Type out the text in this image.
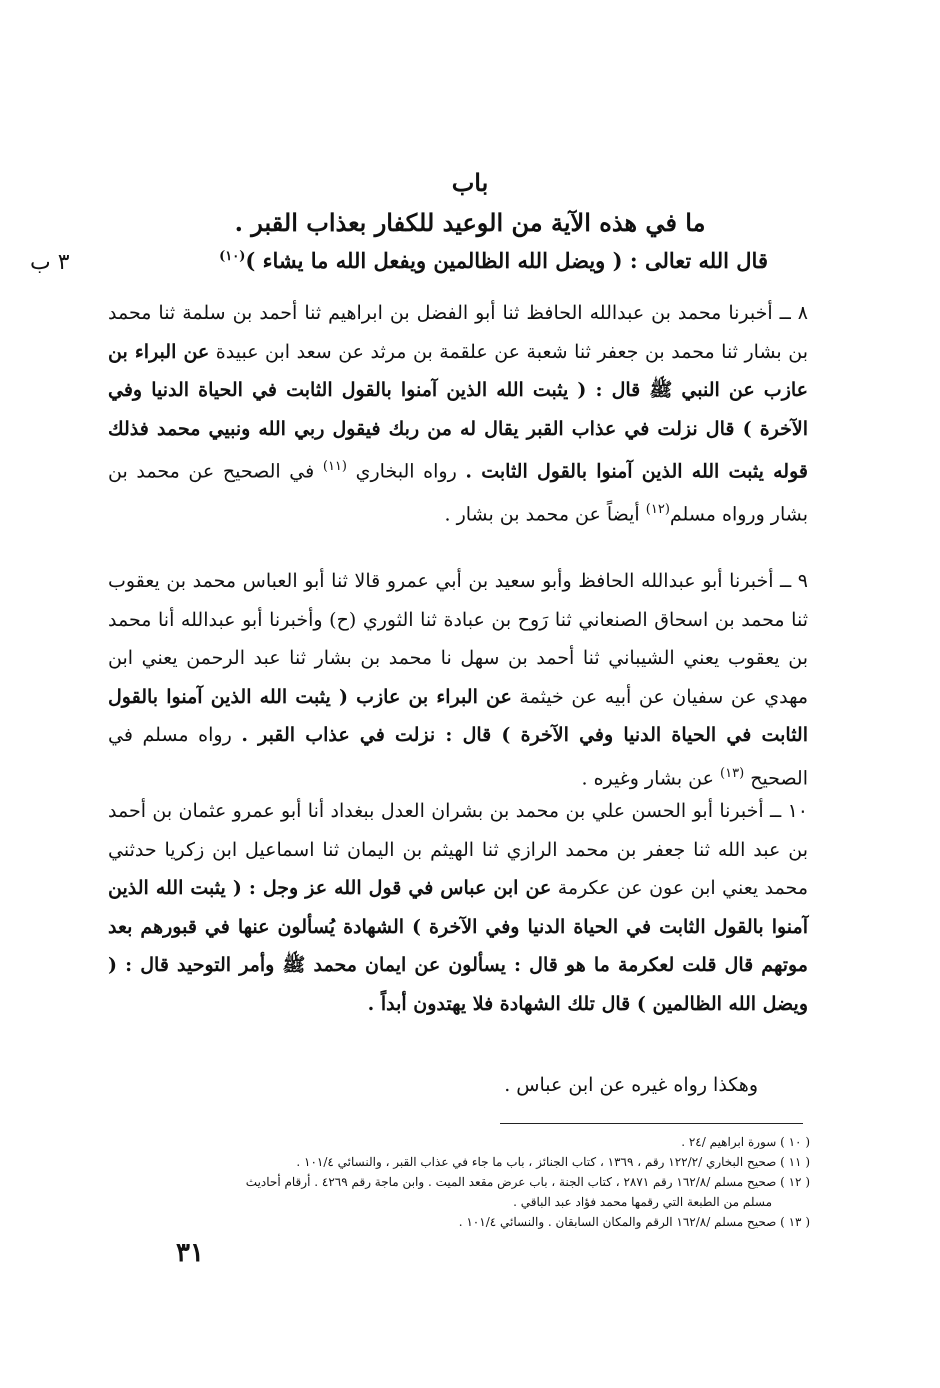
٣ ب
باب
ما في هذه الآية من الوعيد للكفار بعذاب القبر .
قال الله تعالى : ( ويضل الله الظالمين ويفعل الله ما يشاء )$^{(١٠)}$
٨ ــ أخبرنا محمد بن عبدالله الحافظ ثنا أبو الفضل بن ابراهيم ثنا أحمد بن سلمة ثنا محمد بن بشار ثنا محمد بن جعفر ثنا شعبة عن علقمة بن مرثد عن سعد ابن عبيدة عن البراء بن عازب عن النبي ﷺ قال : ( يثبت الله الذين آمنوا بالقول الثابت في الحياة الدنيا وفي الآخرة ) قال نزلت في عذاب القبر يقال له من ربك فيقول ربي الله ونبيي محمد فذلك قوله يثبت الله الذين آمنوا بالقول الثابت . رواه البخاري $^{(١١)}$ في الصحيح عن محمد بن بشار ورواه مسلم$^{(١٢)}$ أيضاً عن محمد بن بشار .
٩ ــ أخبرنا أبو عبدالله الحافظ وأبو سعيد بن أبي عمرو قالا ثنا أبو العباس محمد بن يعقوب ثنا محمد بن اسحاق الصنعاني ثنا رَوح بن عبادة ثنا الثوري (ح) وأخبرنا أبو عبدالله أنا محمد بن يعقوب يعني الشيباني ثنا أحمد بن سهل نا محمد بن بشار ثنا عبد الرحمن يعني ابن مهدي عن سفيان عن أبيه عن خيثمة عن البراء بن عازب ( يثبت الله الذين آمنوا بالقول الثابت في الحياة الدنيا وفي الآخرة ) قال : نزلت في عذاب القبر . رواه مسلم في الصحيح $^{(١٣)}$ عن بشار وغيره .
١٠ ــ أخبرنا أبو الحسن علي بن محمد بن بشران العدل ببغداد أنا أبو عمرو عثمان بن أحمد بن عبد الله ثنا جعفر بن محمد الرازي ثنا الهيثم بن اليمان ثنا اسماعيل ابن زكريا حدثني محمد يعني ابن عون عن عكرمة عن ابن عباس في قول الله عز وجل : ( يثبت الله الذين آمنوا بالقول الثابت في الحياة الدنيا وفي الآخرة ) الشهادة يُسألون عنها في قبورهم بعد موتهم قال قلت لعكرمة ما هو قال : يسألون عن ايمان محمد ﷺ وأمر التوحيد قال : ( ويضل الله الظالمين ) قال تلك الشهادة فلا يهتدون أبداً .
وهكذا رواه غيره عن ابن عباس .
( ١٠ ) سورة ابراهيم /٢٤ .
( ١١ ) صحيح البخاري /١٢٢/٢ رقم ، ١٣٦٩ ، كتاب الجنائز ، باب ما جاء في عذاب القبر ، والنسائي ١٠١/٤ .
( ١٢ ) صحيح مسلم /١٦٢/٨ رقم ٢٨٧١ ، كتاب الجنة ، باب عرض مقعد الميت . وابن ماجة رقم ٤٢٦٩ . أرقام أحاديث
مسلم من الطبعة التي رقمها محمد فؤاد عبد الباقي .
( ١٣ ) صحيح مسلم /١٦٢/٨ الرقم والمكان السابقان . والنسائي ١٠١/٤ .
٣١
